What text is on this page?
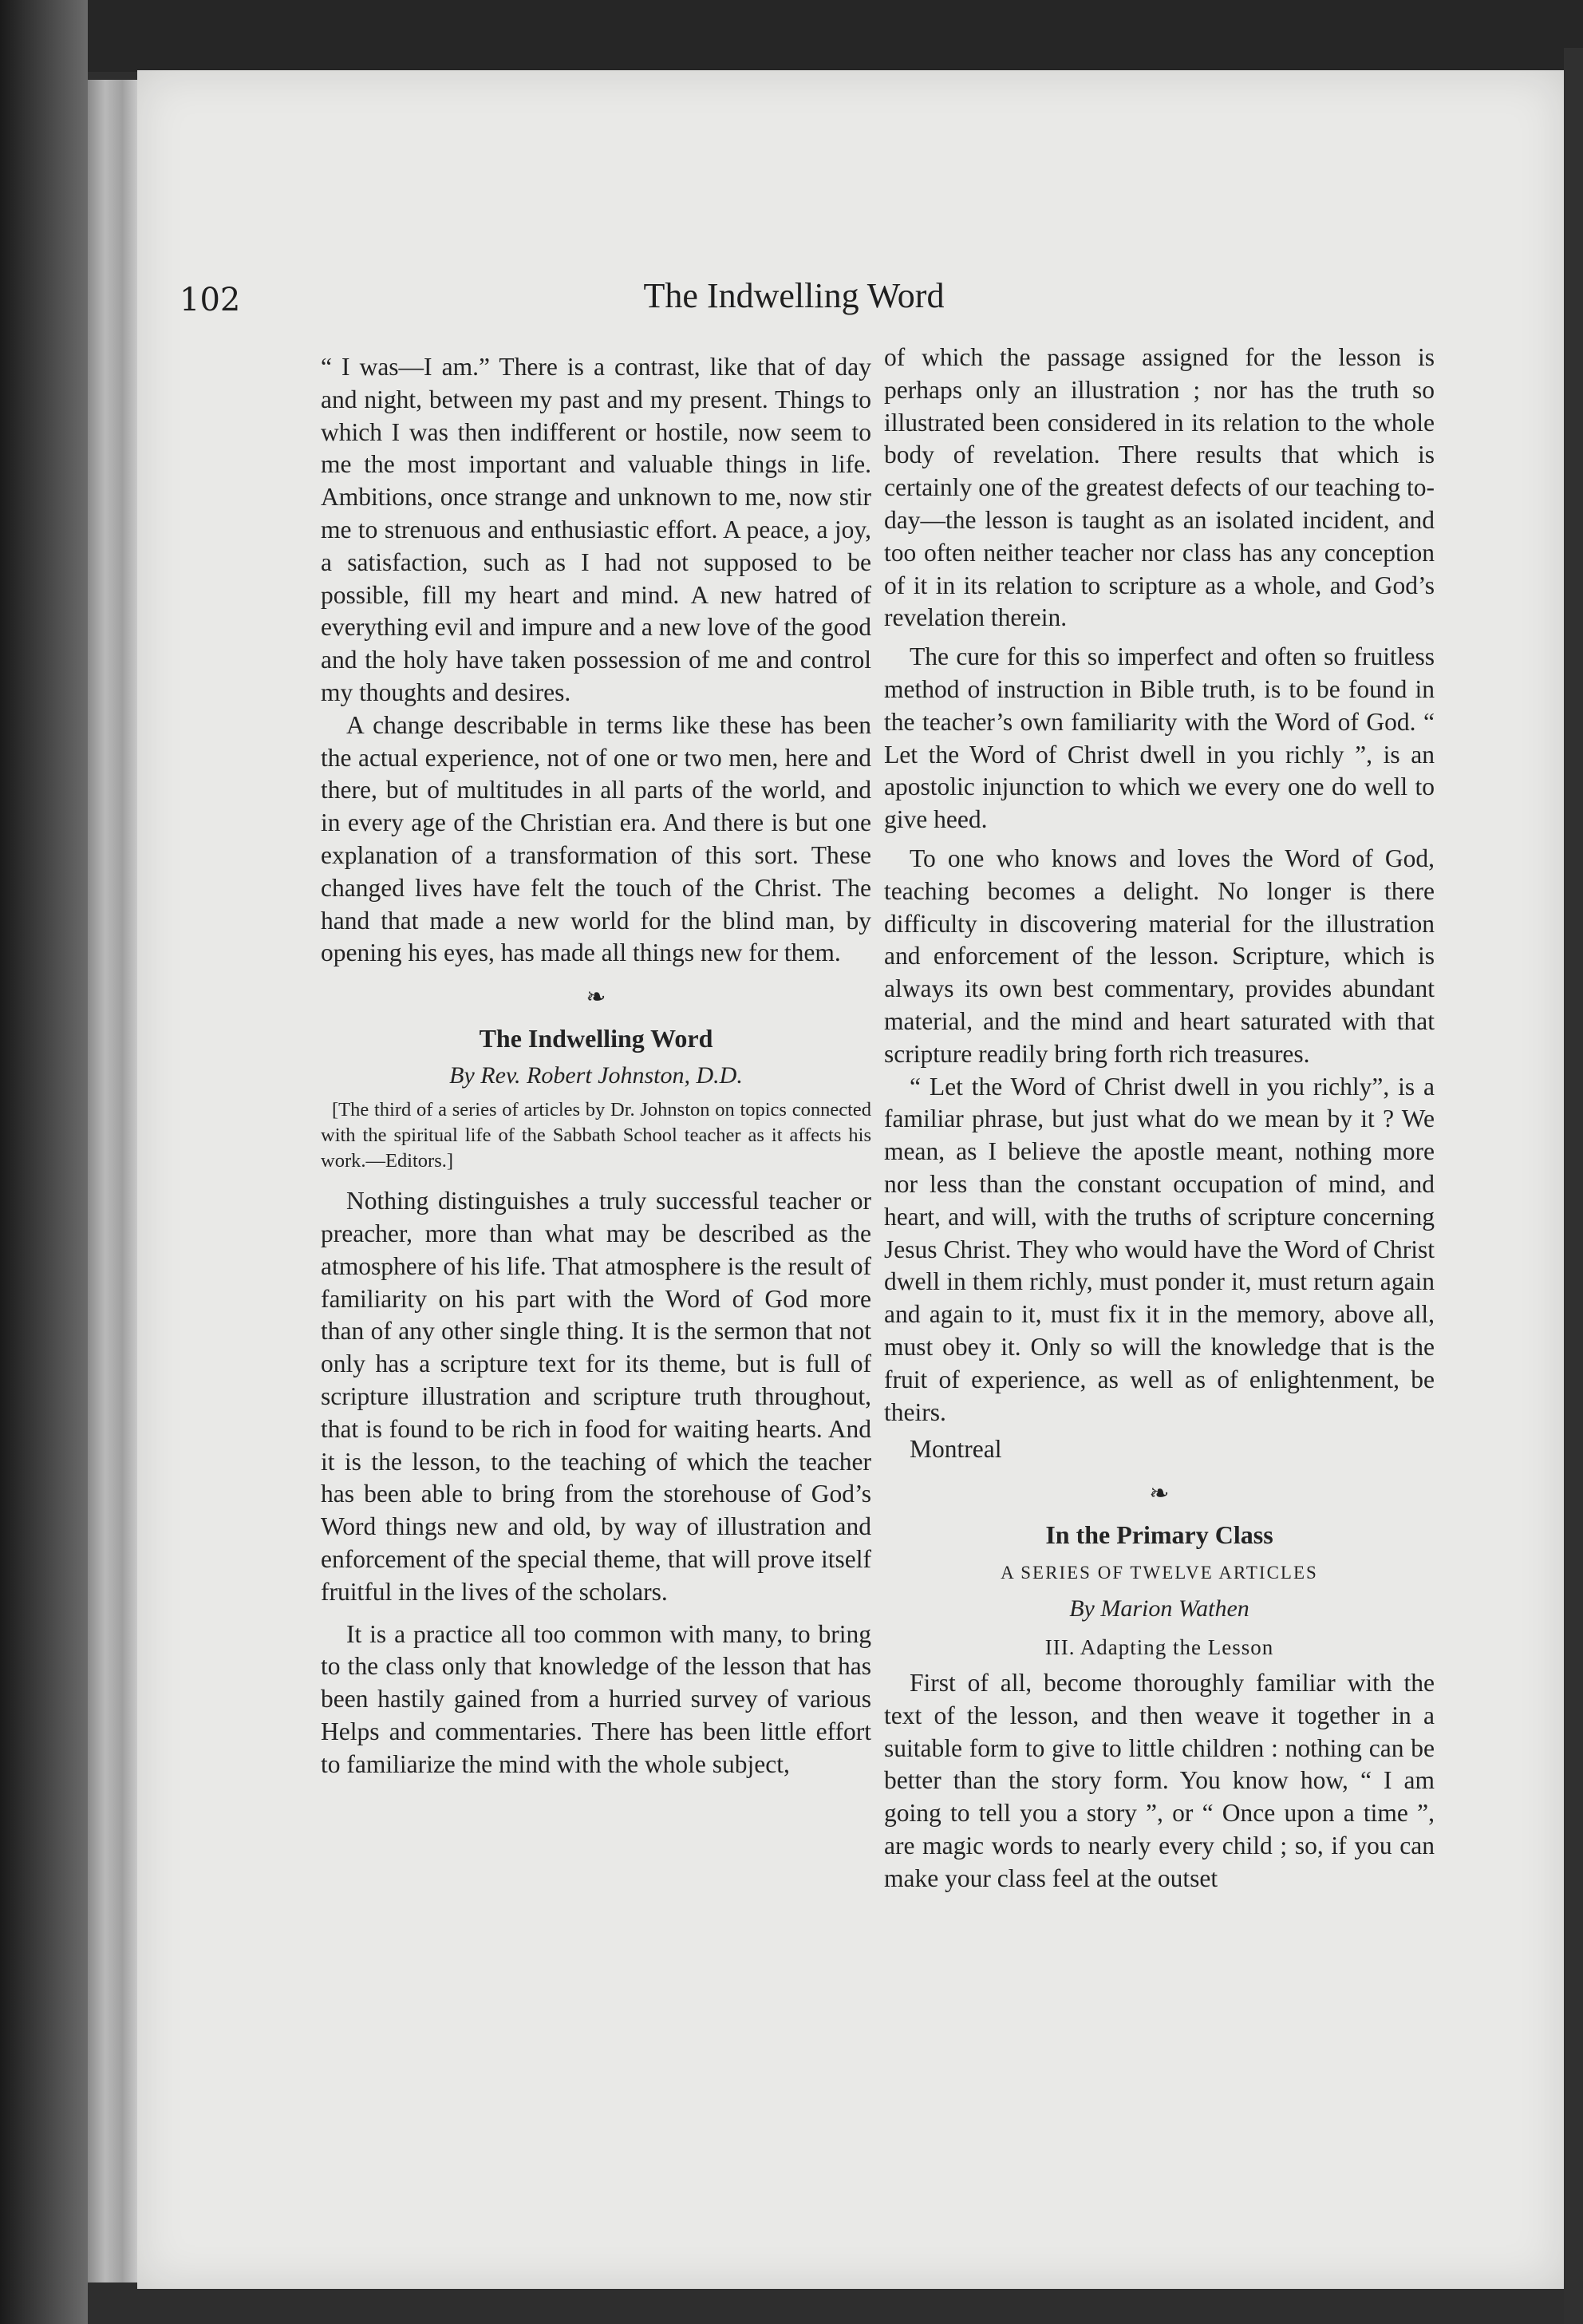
102	The Indwelling Word

“ I was—I am.” There is a contrast, like that of day and night, between my past and my present. Things to which I was then indifferent or hostile, now seem to me the most important and valuable things in life. Ambitions, once strange and unknown to me, now stir me to strenuous and enthusiastic effort. A peace, a joy, a satisfaction, such as I had not supposed to be possible, fill my heart and mind. A new hatred of everything evil and impure and a new love of the good and the holy have taken possession of me and control my thoughts and desires.

A change describable in terms like these has been the actual experience, not of one or two men, here and there, but of multitudes in all parts of the world, and in every age of the Christian era. And there is but one explanation of a transformation of this sort. These changed lives have felt the touch of the Christ. The hand that made a new world for the blind man, by opening his eyes, has made all things new for them.

❧
The Indwelling Word
By Rev. Robert Johnston, D.D.
[The third of a series of articles by Dr. Johnston on topics connected with the spiritual life of the Sabbath School teacher as it affects his work.—Editors.]

Nothing distinguishes a truly successful teacher or preacher, more than what may be described as the atmosphere of his life. That atmosphere is the result of familiarity on his part with the Word of God more than of any other single thing. It is the sermon that not only has a scripture text for its theme, but is full of scripture illustration and scripture truth throughout, that is found to be rich in food for waiting hearts. And it is the lesson, to the teaching of which the teacher has been able to bring from the storehouse of God’s Word things new and old, by way of illustration and enforcement of the special theme, that will prove itself fruitful in the lives of the scholars.

It is a practice all too common with many, to bring to the class only that knowledge of the lesson that has been hastily gained from a hurried survey of various Helps and commentaries. There has been little effort to familiarize the mind with the whole subject,

of which the passage assigned for the lesson is perhaps only an illustration ; nor has the truth so illustrated been considered in its relation to the whole body of revelation. There results that which is certainly one of the greatest defects of our teaching to-day—the lesson is taught as an isolated incident, and too often neither teacher nor class has any conception of it in its relation to scripture as a whole, and God’s revelation therein.

The cure for this so imperfect and often so fruitless method of instruction in Bible truth, is to be found in the teacher’s own familiarity with the Word of God. “ Let the Word of Christ dwell in you richly ”, is an apostolic injunction to which we every one do well to give heed.

To one who knows and loves the Word of God, teaching becomes a delight. No longer is there difficulty in discovering material for the illustration and enforcement of the lesson. Scripture, which is always its own best commentary, provides abundant material, and the mind and heart saturated with that scripture readily bring forth rich treasures.

“ Let the Word of Christ dwell in you richly”, is a familiar phrase, but just what do we mean by it ? We mean, as I believe the apostle meant, nothing more nor less than the constant occupation of mind, and heart, and will, with the truths of scripture concerning Jesus Christ. They who would have the Word of Christ dwell in them richly, must ponder it, must return again and again to it, must fix it in the memory, above all, must obey it. Only so will the knowledge that is the fruit of experience, as well as of enlightenment, be theirs.

Montreal
❧
In the Primary Class
A SERIES OF TWELVE ARTICLES
By Marion Wathen
III. Adapting the Lesson

First of all, become thoroughly familiar with the text of the lesson, and then weave it together in a suitable form to give to little children : nothing can be better than the story form. You know how, “ I am going to tell you a story ”, or “ Once upon a time ”, are magic words to nearly every child ; so, if you can make your class feel at the outset
